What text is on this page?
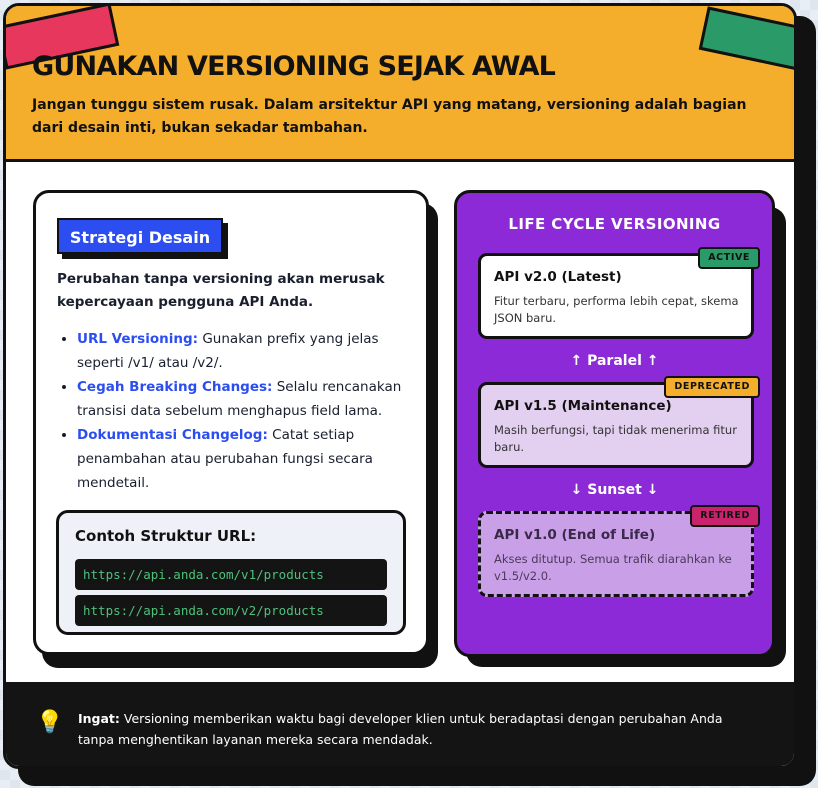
GUNAKAN VERSIONING SEJAK AWAL

Jangan tunggu sistem rusak. Dalam arsitektur API yang matang, versioning adalah bagian dari desain inti, bukan sekadar tambahan.

Strategi Desain

Perubahan tanpa versioning akan merusak kepercayaan pengguna API Anda.

• URL Versioning: Gunakan prefix yang jelas seperti /v1/ atau /v2/.
• Cegah Breaking Changes: Selalu rencanakan transisi data sebelum menghapus field lama.
• Dokumentasi Changelog: Catat setiap penambahan atau perubahan fungsi secara mendetail.

Contoh Struktur URL:

https://api.anda.com/v1/products
https://api.anda.com/v2/products

LIFE CYCLE VERSIONING

API v2.0 (Latest)

Fitur terbaru, performa lebih cepat, skema JSON baru.

ACTIVE

↑ Paralel ↑

API v1.5 (Maintenance)

Masih berfungsi, tapi tidak menerima fitur baru.

DEPRECATED

↓ Sunset ↓

API v1.0 (End of Life)

Akses ditutup. Semua trafik diarahkan ke v1.5/v2.0.

RETIRED
💡 Ingat: Versioning memberikan waktu bagi developer klien untuk beradaptasi dengan perubahan Anda tanpa menghentikan layanan mereka secara mendadak.
